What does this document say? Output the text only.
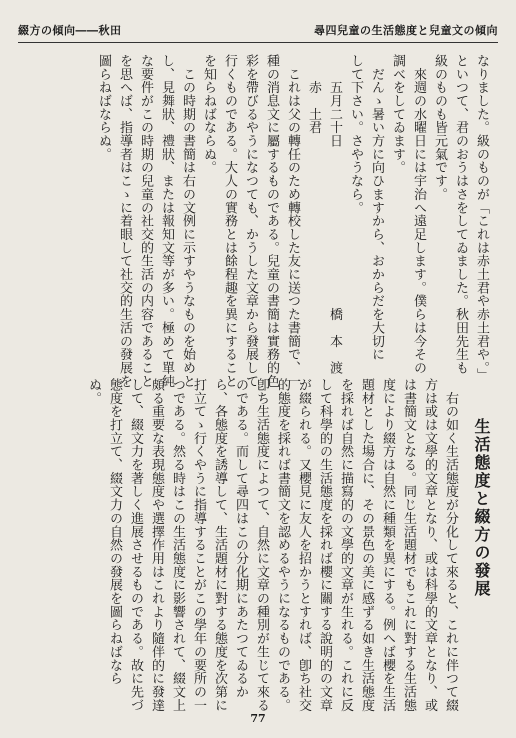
綴方の傾向――秋田	尋四兒童の生活態度と兒童文の傾向
なりました。級のものが「これは赤土君や赤土君や。」
といつて、君のおうはさをしてゐました。秋田先生も
級のものも皆元氣です。
　來週の水曜日には宇治へ遠足します。僕らは今その
調べをしてゐます。
　だんゝ暑い方に向ひますから、おからだを大切に
して下さい。さやうなら。
　　五月二十日　　　　　　　　　　　　橋　本　渡
　　赤　土君
　これは父の轉任のため轉校した友に送つた書簡で、一
種の消息文に屬するものである。兒童の書簡は實務的色
彩を帶びるやうになつても、かうした文章から發展して
行くものである。大人の實務とは餘程趣を異にすること
を知らねばならぬ。
　この時期の書簡は右の文例に示すやうなものを始めと
し、見舞狀、禮狀、または報知文等が多い。極めて單純
な要件がこの時期の兒童の社交的生活の内容であること
を思へば、指導者はこゝに着眼して社交的生活の發展を
圖らねばならぬ。
生活態度と綴方の發展
　右の如く生活態度が分化して來ると、これに伴つて綴
方は或は文學的文章となり、或は科學的文章となり、或
は書簡文となる。同じ生活題材でもこれに對する生活態
度により綴方は自然に種類を異にする。例へば櫻を生活
題材とした場合に、その景色の美に感ずる如き生活態度
を採れば自然に描寫的の文學的文章が生れる。これに反
して科學的の生活態度を採れば櫻に關する說明的の文章
が綴られる。又櫻見に友人を招かうとすれば、卽ち社交
的態度を採れば書簡文を認めるやうになるものである。
卽ち生活態度によつて、自然に文章の種別が生じて來る
のである。而して尋四はこの分化期にあたつてゐるか
ら、各態度を誘導して、生活題材に對する態度を次第に
打立てゝ行くやうに指導することがこの學年の要所の一
つである。然る時はこの生活態度に影響されて、綴文上
頗る重要な表現態度や選擇作用はこれより隨伴的に發達
して、綴文力を著しく進展させるものである。故に先づ
態度を打立て、綴文力の自然の發展を圖らねばなら
ぬ。
77
